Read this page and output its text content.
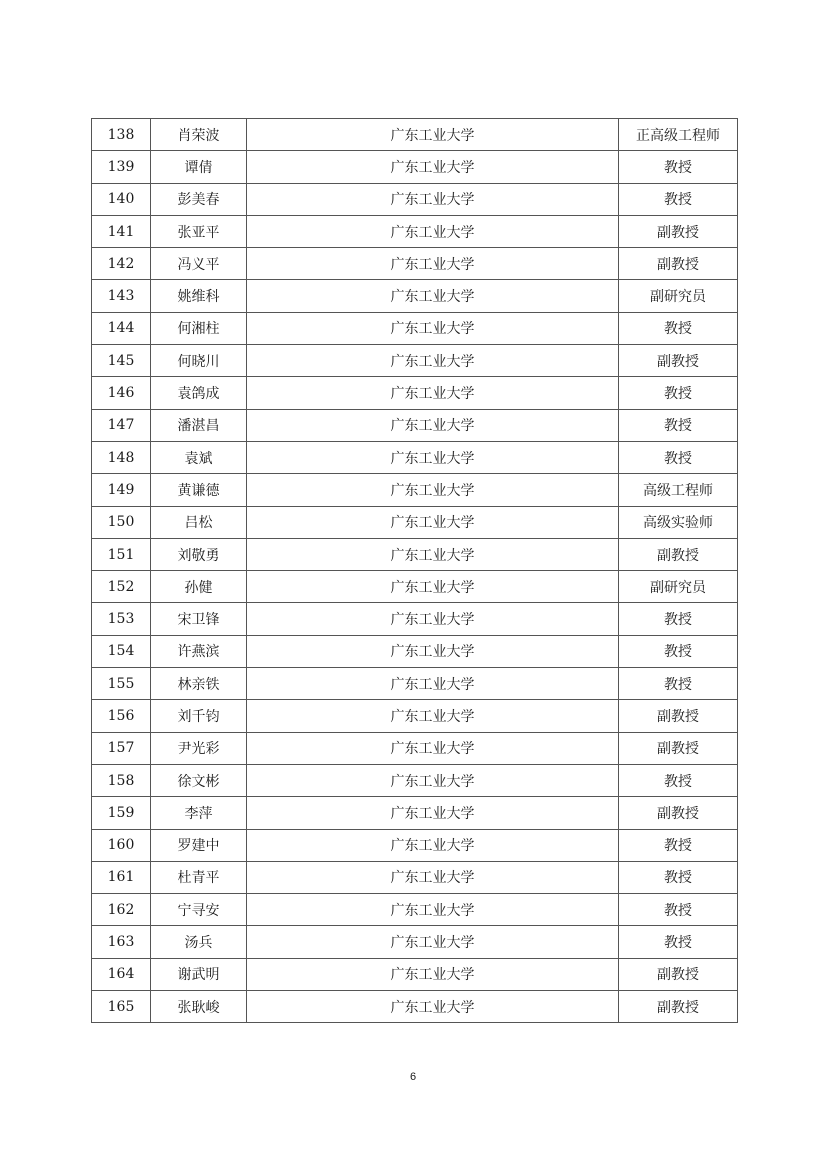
138	肖荣波	广东工业大学	正高级工程师
139	谭倩	广东工业大学	教授
140	彭美春	广东工业大学	教授
141	张亚平	广东工业大学	副教授
142	冯义平	广东工业大学	副教授
143	姚维科	广东工业大学	副研究员
144	何湘柱	广东工业大学	教授
145	何晓川	广东工业大学	副教授
146	袁鸽成	广东工业大学	教授
147	潘湛昌	广东工业大学	教授
148	袁斌	广东工业大学	教授
149	黄谦德	广东工业大学	高级工程师
150	吕松	广东工业大学	高级实验师
151	刘敬勇	广东工业大学	副教授
152	孙健	广东工业大学	副研究员
153	宋卫锋	广东工业大学	教授
154	许燕滨	广东工业大学	教授
155	林亲铁	广东工业大学	教授
156	刘千钧	广东工业大学	副教授
157	尹光彩	广东工业大学	副教授
158	徐文彬	广东工业大学	教授
159	李萍	广东工业大学	副教授
160	罗建中	广东工业大学	教授
161	杜青平	广东工业大学	教授
162	宁寻安	广东工业大学	教授
163	汤兵	广东工业大学	教授
164	谢武明	广东工业大学	副教授
165	张耿峻	广东工业大学	副教授
6
